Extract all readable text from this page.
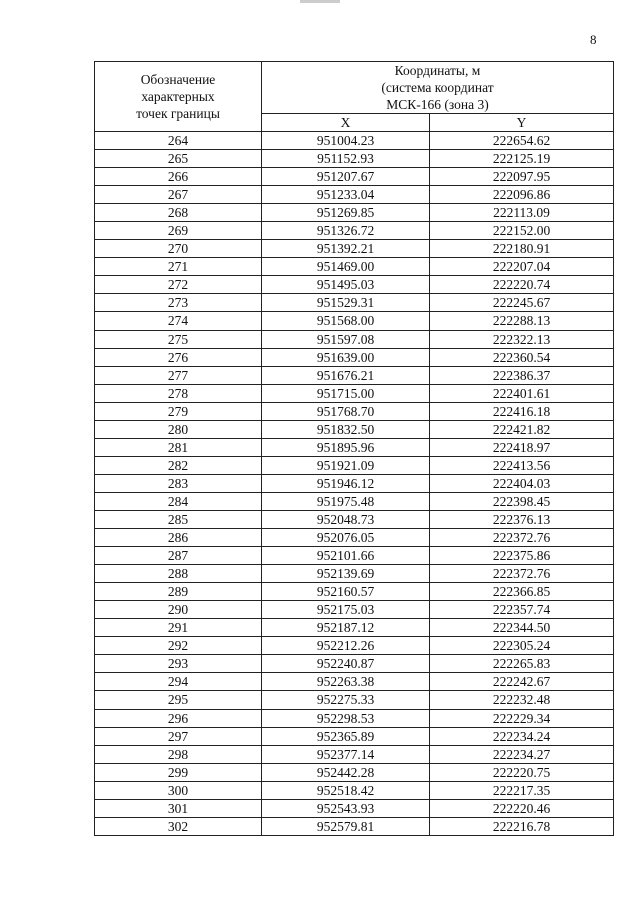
8
Обозначение
характерных
точек границы	Координаты, м
(система координат
МСК-166 (зона 3)	

	X	Y
264	951004.23	222654.62
265	951152.93	222125.19
266	951207.67	222097.95
267	951233.04	222096.86
268	951269.85	222113.09
269	951326.72	222152.00
270	951392.21	222180.91
271	951469.00	222207.04
272	951495.03	222220.74
273	951529.31	222245.67
274	951568.00	222288.13
275	951597.08	222322.13
276	951639.00	222360.54
277	951676.21	222386.37
278	951715.00	222401.61
279	951768.70	222416.18
280	951832.50	222421.82
281	951895.96	222418.97
282	951921.09	222413.56
283	951946.12	222404.03
284	951975.48	222398.45
285	952048.73	222376.13
286	952076.05	222372.76
287	952101.66	222375.86
288	952139.69	222372.76
289	952160.57	222366.85
290	952175.03	222357.74
291	952187.12	222344.50
292	952212.26	222305.24
293	952240.87	222265.83
294	952263.38	222242.67
295	952275.33	222232.48
296	952298.53	222229.34
297	952365.89	222234.24
298	952377.14	222234.27
299	952442.28	222220.75
300	952518.42	222217.35
301	952543.93	222220.46
302	952579.81	222216.78
